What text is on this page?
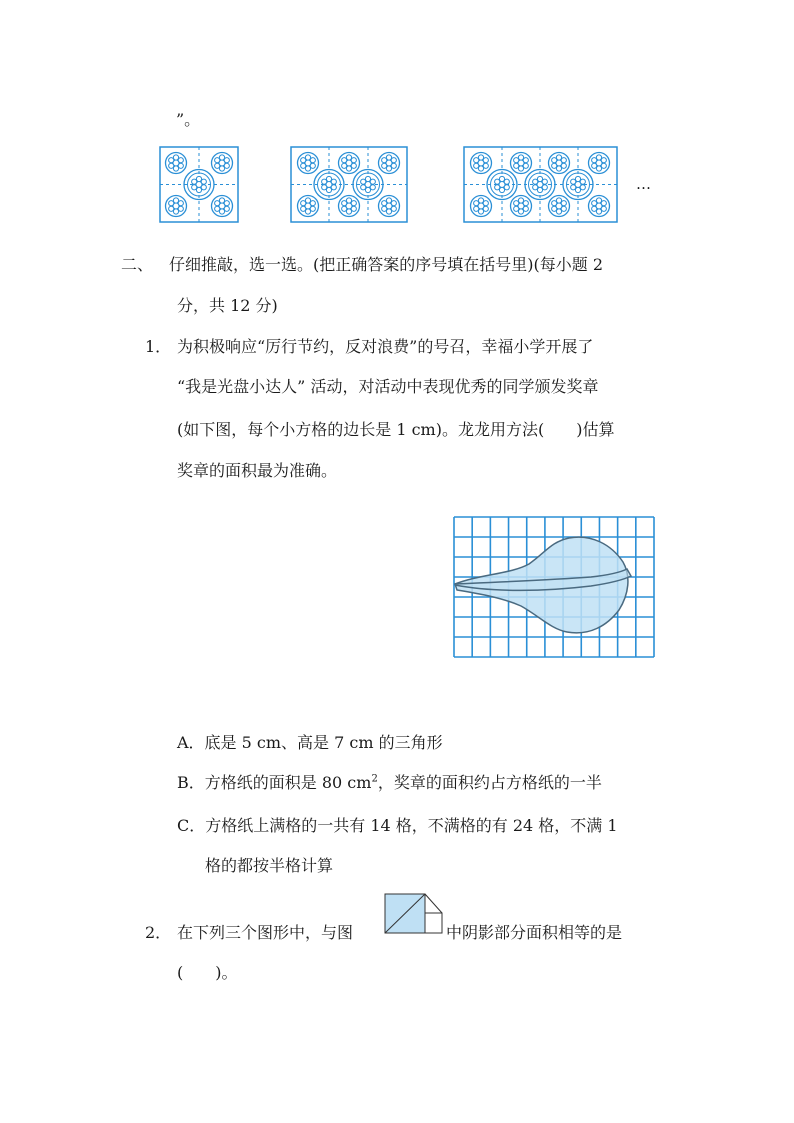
”。
…
二、 仔细推敲，选一选。(把正确答案的序号填在括号里)(每小题 2
分，共 12 分)
1． 为积极响应“厉行节约，反对浪费”的号召，幸福小学开展了
“我是光盘小达人” 活动，对活动中表现优秀的同学颁发奖章
(如下图，每个小方格的边长是 1 cm)。龙龙用方法(　　)估算
奖章的面积最为准确。
A．底是 5 cm、高是 7 cm 的三角形
B．方格纸的面积是 80 $cm^2$，奖章的面积约占方格纸的一半
C．方格纸上满格的一共有 14 格，不满格的有 24 格，不满 1
格的都按半格计算
2． 在下列三个图形中，与图	中阴影部分面积相等的是
(　　)。
